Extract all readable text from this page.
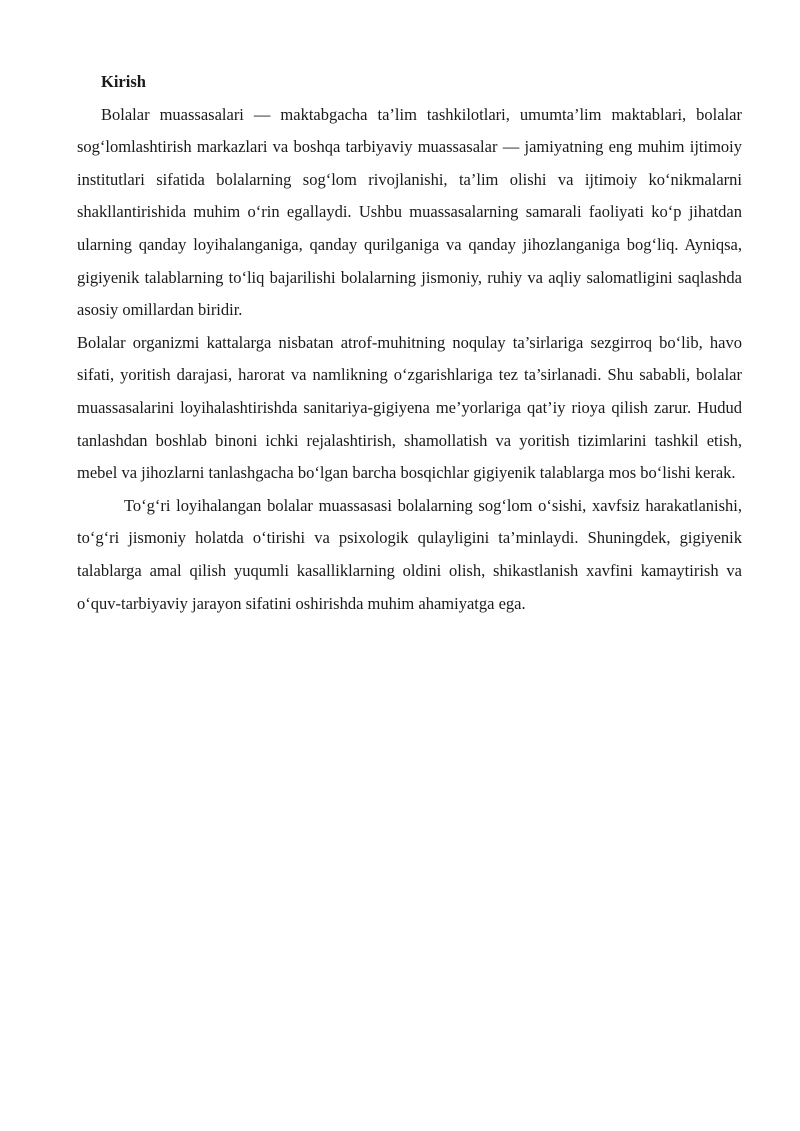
Kirish

Bolalar muassasalari — maktabgacha ta’lim tashkilotlari, umumta’lim maktablari, bolalar sog‘lomlashtirish markazlari va boshqa tarbiyaviy muassasalar — jamiyatning eng muhim ijtimoiy institutlari sifatida bolalarning sog‘lom rivojlanishi, ta’lim olishi va ijtimoiy ko‘nikmalarni shakllantirishida muhim o‘rin egallaydi. Ushbu muassasalarning samarali faoliyati ko‘p jihatdan ularning qanday loyihalanganiga, qanday qurilganiga va qanday jihozlanganiga bog‘liq. Ayniqsa, gigiyenik talablarning to‘liq bajarilishi bolalarning jismoniy, ruhiy va aqliy salomatligini saqlashda asosiy omillardan biridir.

Bolalar organizmi kattalarga nisbatan atrof-muhitning noqulay ta’sirlariga sezgirroq bo‘lib, havo sifati, yoritish darajasi, harorat va namlikning o‘zgarishlariga tez ta’sirlanadi. Shu sababli, bolalar muassasalarini loyihalashtirishda sanitariya-gigiyena me’yorlariga qat’iy rioya qilish zarur. Hudud tanlashdan boshlab binoni ichki rejalashtirish, shamollatish va yoritish tizimlarini tashkil etish, mebel va jihozlarni tanlashgacha bo‘lgan barcha bosqichlar gigiyenik talablarga mos bo‘lishi kerak.

To‘g‘ri loyihalangan bolalar muassasasi bolalarning sog‘lom o‘sishi, xavfsiz harakatlanishi, to‘g‘ri jismoniy holatda o‘tirishi va psixologik qulayligini ta’minlaydi. Shuningdek, gigiyenik talablarga amal qilish yuqumli kasalliklarning oldini olish, shikastlanish xavfini kamaytirish va o‘quv-tarbiyaviy jarayon sifatini oshirishda muhim ahamiyatga ega.
